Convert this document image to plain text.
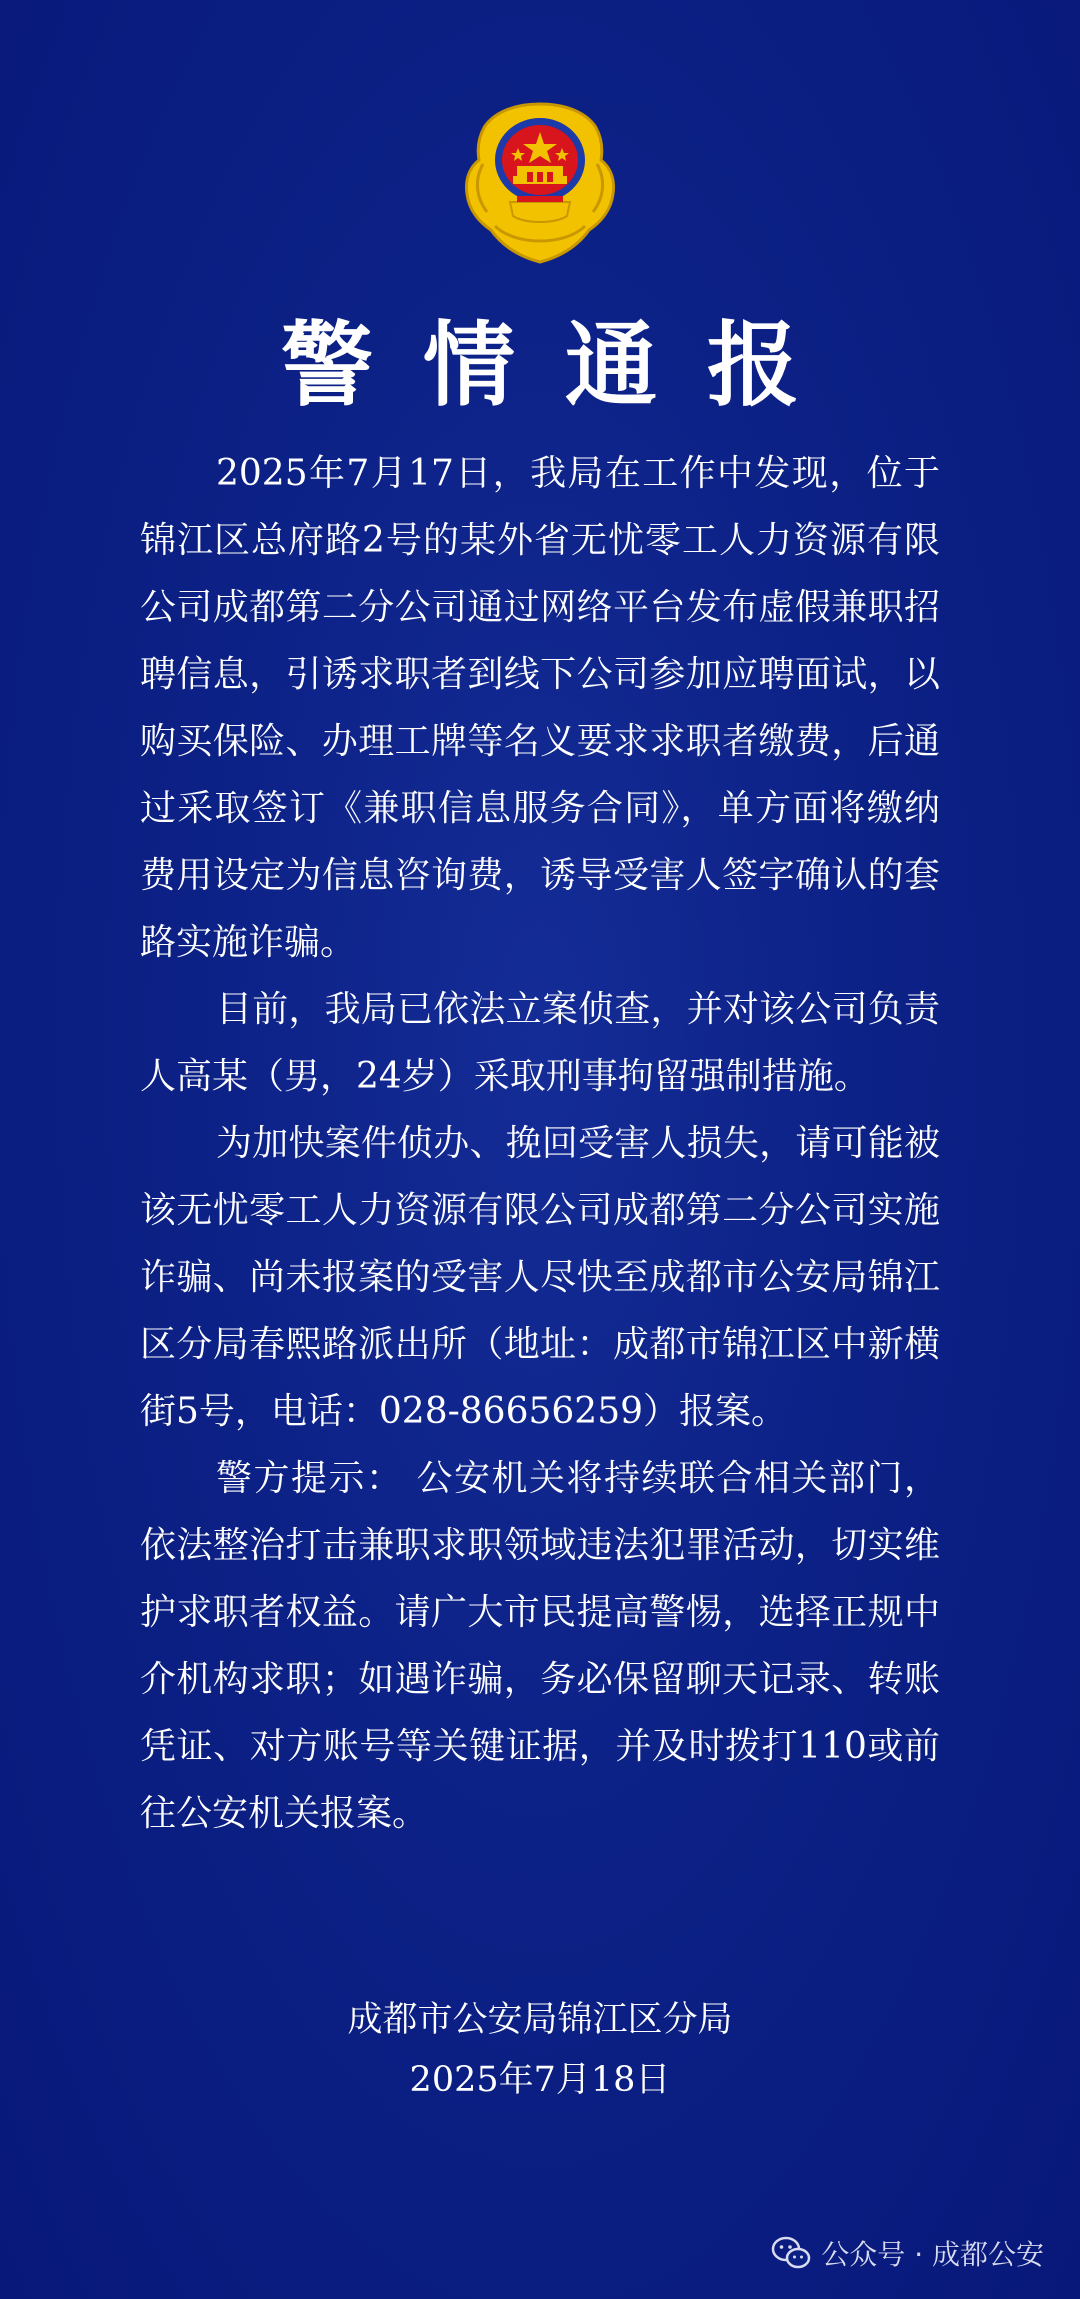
警情通报

2025年7月17日，我局在工作中发现，位于锦江区总府路2号的某外省无忧零工人力资源有限公司成都第二分公司通过网络平台发布虚假兼职招聘信息，引诱求职者到线下公司参加应聘面试，以购买保险、办理工牌等名义要求求职者缴费，后通过采取签订《兼职信息服务合同》，单方面将缴纳费用设定为信息咨询费，诱导受害人签字确认的套路实施诈骗。

目前，我局已依法立案侦查，并对该公司负责人高某（男，24岁）采取刑事拘留强制措施。

为加快案件侦办、挽回受害人损失，请可能被该无忧零工人力资源有限公司成都第二分公司实施诈骗、尚未报案的受害人尽快至成都市公安局锦江区分局春熙路派出所（地址：成都市锦江区中新横街5号，电话：028-86656259）报案。

警方提示： 公安机关将持续联合相关部门，依法整治打击兼职求职领域违法犯罪活动，切实维护求职者权益。请广大市民提高警惕，选择正规中介机构求职；如遇诈骗，务必保留聊天记录、转账凭证、对方账号等关键证据，并及时拨打110或前往公安机关报案。

成都市公安局锦江区分局
2025年7月18日
公众号 · 成都公安
